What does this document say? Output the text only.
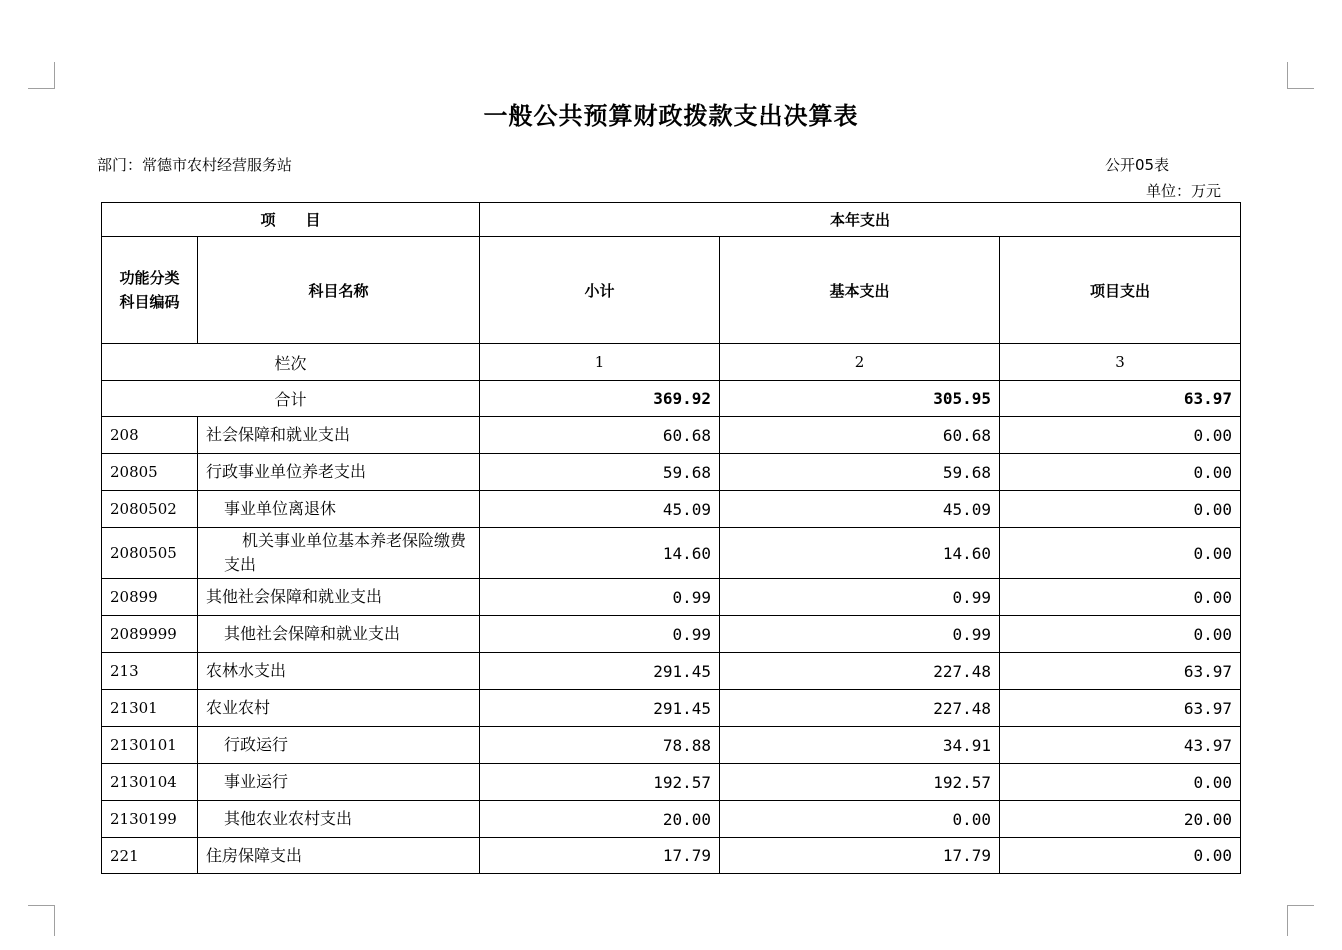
一般公共预算财政拨款支出决算表
部门：常德市农村经营服务站	公开05表
单位：万元
项　　目		本年支出		
功能分类科目编码	科目名称	小计	基本支出	项目支出
栏次		1	2	3
合计		369.92	305.95	63.97
208	社会保障和就业支出	60.68	60.68	0.00
20805	行政事业单位养老支出	59.68	59.68	0.00
2080502	事业单位离退休	45.09	45.09	0.00
2080505	机关事业单位基本养老保险缴费支出	14.60	14.60	0.00
20899	其他社会保障和就业支出	0.99	0.99	0.00
2089999	其他社会保障和就业支出	0.99	0.99	0.00
213	农林水支出	291.45	227.48	63.97
21301	农业农村	291.45	227.48	63.97
2130101	行政运行	78.88	34.91	43.97
2130104	事业运行	192.57	192.57	0.00
2130199	其他农业农村支出	20.00	0.00	20.00
221	住房保障支出	17.79	17.79	0.00
